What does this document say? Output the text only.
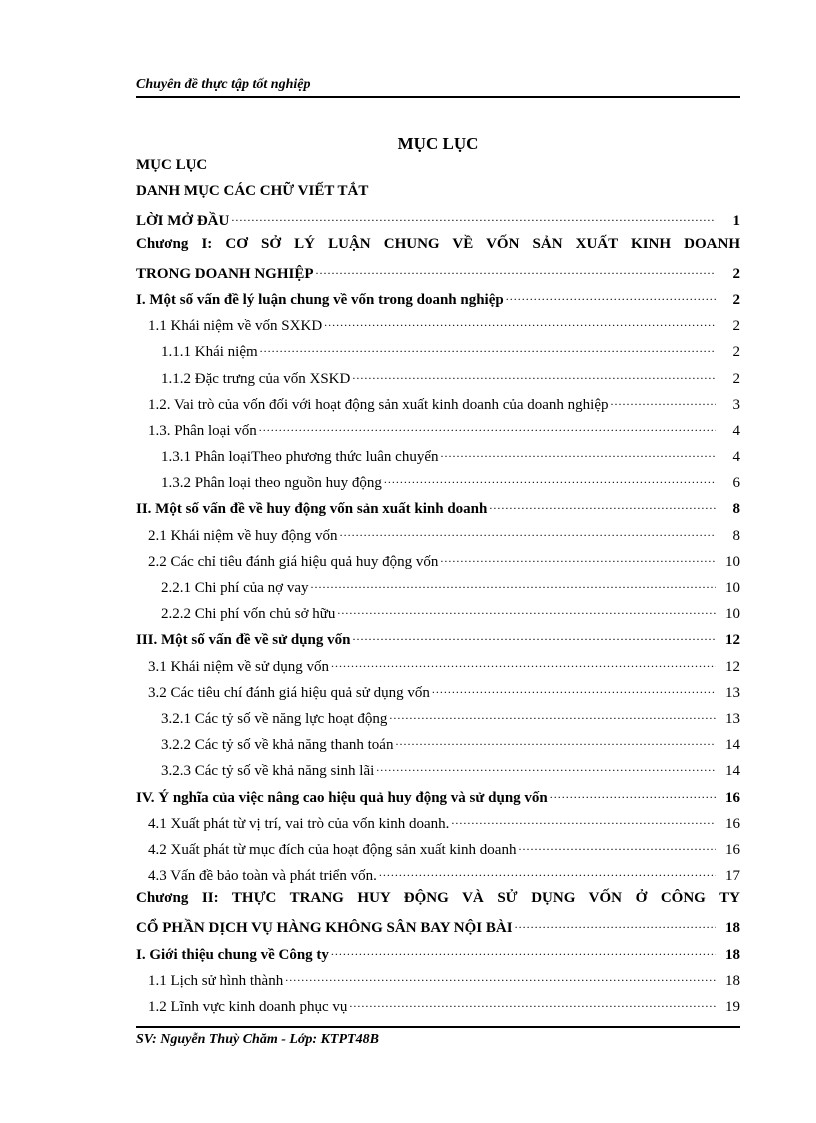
Chuyên đề thực tập tốt nghiệp
MỤC LỤC
MỤC LỤC
DANH MỤC CÁC CHỮ VIẾT TẮT
LỜI MỞ ĐẦU .....	1
Chương I: CƠ SỞ LÝ LUẬN CHUNG VỀ VỐN SẢN XUẤT KINH DOANH
TRONG DOANH NGHIỆP .....	2
I. Một số vấn đề lý luận chung về vốn trong doanh nghiệp .....	2
1.1 Khái niệm về vốn SXKD .....	2
1.1.1 Khái niệm .....	2
1.1.2 Đặc trưng của vốn XSKD .....	2
1.2. Vai trò của vốn đối với hoạt động sản xuất kinh doanh của doanh nghiệp .....	3
1.3. Phân loại vốn .....	4
1.3.1 Phân loạiTheo phương thức luân chuyển .....	4
1.3.2 Phân loại theo nguồn huy động .....	6
II. Một số vấn đề về huy động vốn sản xuất kinh doanh .....	8
2.1 Khái niệm về huy động vốn .....	8
2.2 Các chỉ tiêu đánh giá hiệu quả huy động vốn .....	10
2.2.1 Chi phí của nợ vay .....	10
2.2.2 Chi phí vốn chủ sở hữu .....	10
III. Một số vấn đề về sử dụng vốn .....	12
3.1 Khái niệm về sử dụng vốn .....	12
3.2 Các tiêu chí đánh giá hiệu quả sử dụng vốn .....	13
3.2.1 Các tỷ số về năng lực hoạt động .....	13
3.2.2 Các tỷ số về khả năng thanh toán .....	14
3.2.3 Các tỷ số về khả năng sinh lãi .....	14
IV. Ý nghĩa của việc nâng cao hiệu quả huy động và sử dụng vốn .....	16
4.1 Xuất phát từ vị trí, vai trò của vốn kinh doanh. .....	16
4.2 Xuất phát từ mục đích của hoạt động sản xuất kinh doanh .....	16
4.3 Vấn đề bảo toàn và phát triển vốn. .....	17
Chương II: THỰC TRANG HUY ĐỘNG VÀ SỬ DỤNG VỐN Ở CÔNG TY
CỔ PHẦN DỊCH VỤ HÀNG KHÔNG SÂN BAY NỘI BÀI .....	18
I. Giới thiệu chung về Công ty .....	18
1.1 Lịch sử hình thành .....	18
1.2 Lĩnh vực kinh doanh phục vụ .....	19
SV: Nguyễn Thuỳ Chăm - Lớp: KTPT48B
